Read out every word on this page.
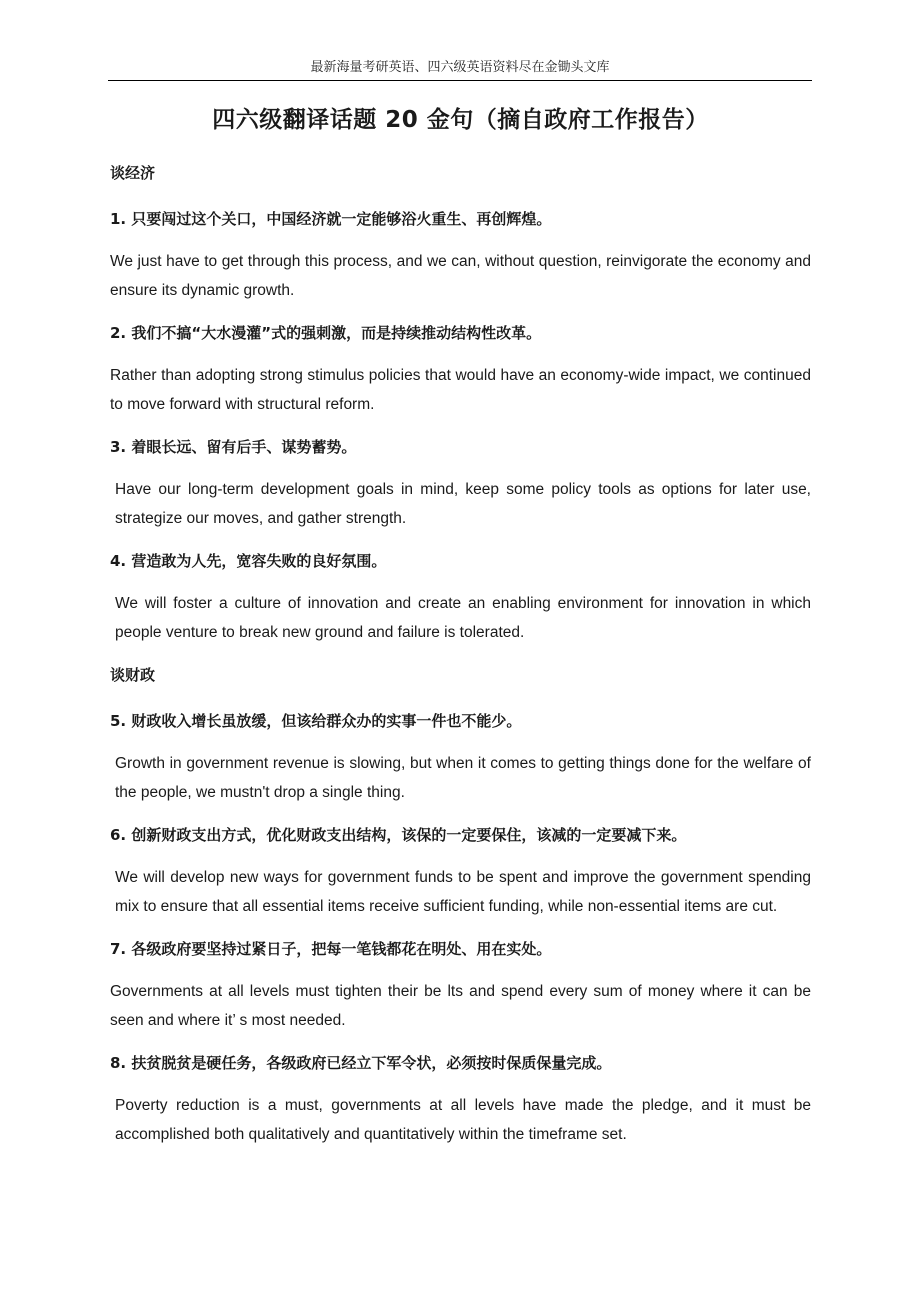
最新海量考研英语、四六级英语资料尽在金锄头文库
四六级翻译话题 20 金句（摘自政府工作报告）
谈经济
1. 只要闯过这个关口，中国经济就一定能够浴火重生、再创辉煌。

We just have to get through this process, and we can, without question, reinvigorate the economy and ensure its dynamic growth.

2. 我们不搞“大水漫灌”式的强刺激，而是持续推动结构性改革。

Rather than adopting strong stimulus policies that would have an economy-wide impact, we continued to move forward with structural reform.

3. 着眼长远、留有后手、谋势蓄势。

Have our long-term development goals in mind, keep some policy tools as options for later use, strategize our moves, and gather strength.

4. 营造敢为人先，宽容失败的良好氛围。

We will foster a culture of innovation and create an enabling environment for innovation in which people venture to break new ground and failure is tolerated.

谈财政
5. 财政收入增长虽放缓，但该给群众办的实事一件也不能少。

Growth in government revenue is slowing, but when it comes to getting things done for the welfare of the people, we mustn't drop a single thing.

6. 创新财政支出方式，优化财政支出结构，该保的一定要保住，该减的一定要减下来。

We will develop new ways for government funds to be spent and improve the government spending mix to ensure that all essential items receive sufficient funding, while non-essential items are cut.

7. 各级政府要坚持过紧日子，把每一笔钱都花在明处、用在实处。

Governments at all levels must tighten their be lts and spend every sum of money where it can be seen and where it’ s most needed.

8. 扶贫脱贫是硬任务，各级政府已经立下军令状，必须按时保质保量完成。

Poverty reduction is a must, governments at all levels have made the pledge, and it must be accomplished both qualitatively and quantitatively within the timeframe set.
